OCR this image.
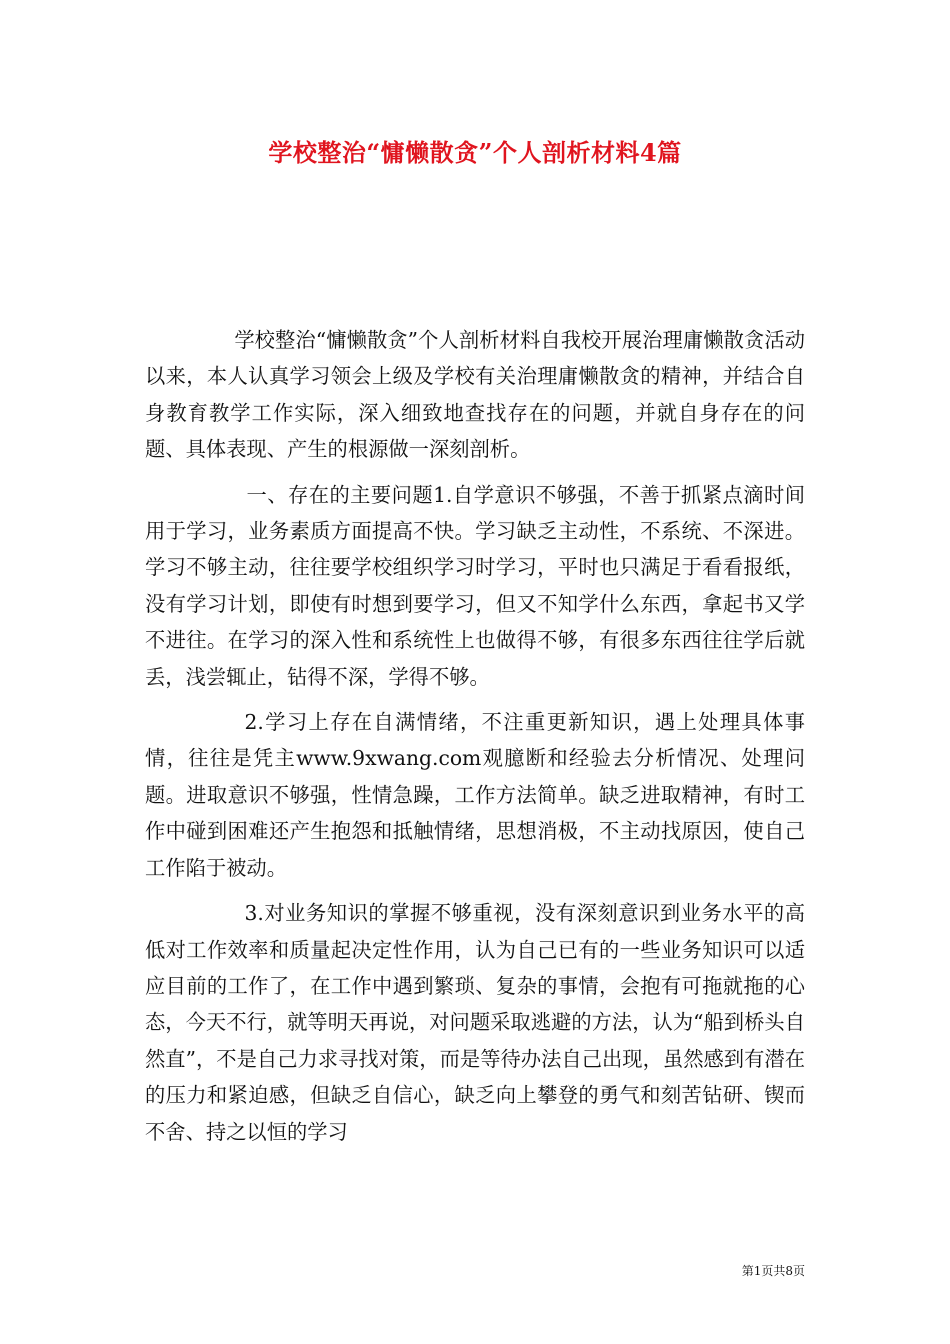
学校整治“慵懒散贪”个人剖析材料4篇

学校整治“慵懒散贪”个人剖析材料自我校开展治理庸懒散贪活动以来，本人认真学习领会上级及学校有关治理庸懒散贪的精神，并结合自身教育教学工作实际，深入细致地查找存在的问题，并就自身存在的问题、具体表现、产生的根源做一深刻剖析。

一、存在的主要问题1.自学意识不够强，不善于抓紧点滴时间用于学习，业务素质方面提高不快。学习缺乏主动性，不系统、不深进。学习不够主动，往往要学校组织学习时学习，平时也只满足于看看报纸，没有学习计划，即使有时想到要学习，但又不知学什么东西，拿起书又学不进往。在学习的深入性和系统性上也做得不够，有很多东西往往学后就丢，浅尝辄止，钻得不深，学得不够。

2.学习上存在自满情绪，不注重更新知识，遇上处理具体事情，往往是凭主www.9xwang.com观臆断和经验去分析情况、处理问题。进取意识不够强，性情急躁，工作方法简单。缺乏进取精神，有时工作中碰到困难还产生抱怨和抵触情绪，思想消极，不主动找原因，使自己工作陷于被动。

3.对业务知识的掌握不够重视，没有深刻意识到业务水平的高低对工作效率和质量起决定性作用，认为自己已有的一些业务知识可以适应目前的工作了，在工作中遇到繁琐、复杂的事情，会抱有可拖就拖的心态，今天不行，就等明天再说，对问题采取逃避的方法，认为“船到桥头自然直”，不是自己力求寻找对策，而是等待办法自己出现，虽然感到有潜在的压力和紧迫感，但缺乏自信心，缺乏向上攀登的勇气和刻苦钻研、锲而不舍、持之以恒的学习

第1页共8页
